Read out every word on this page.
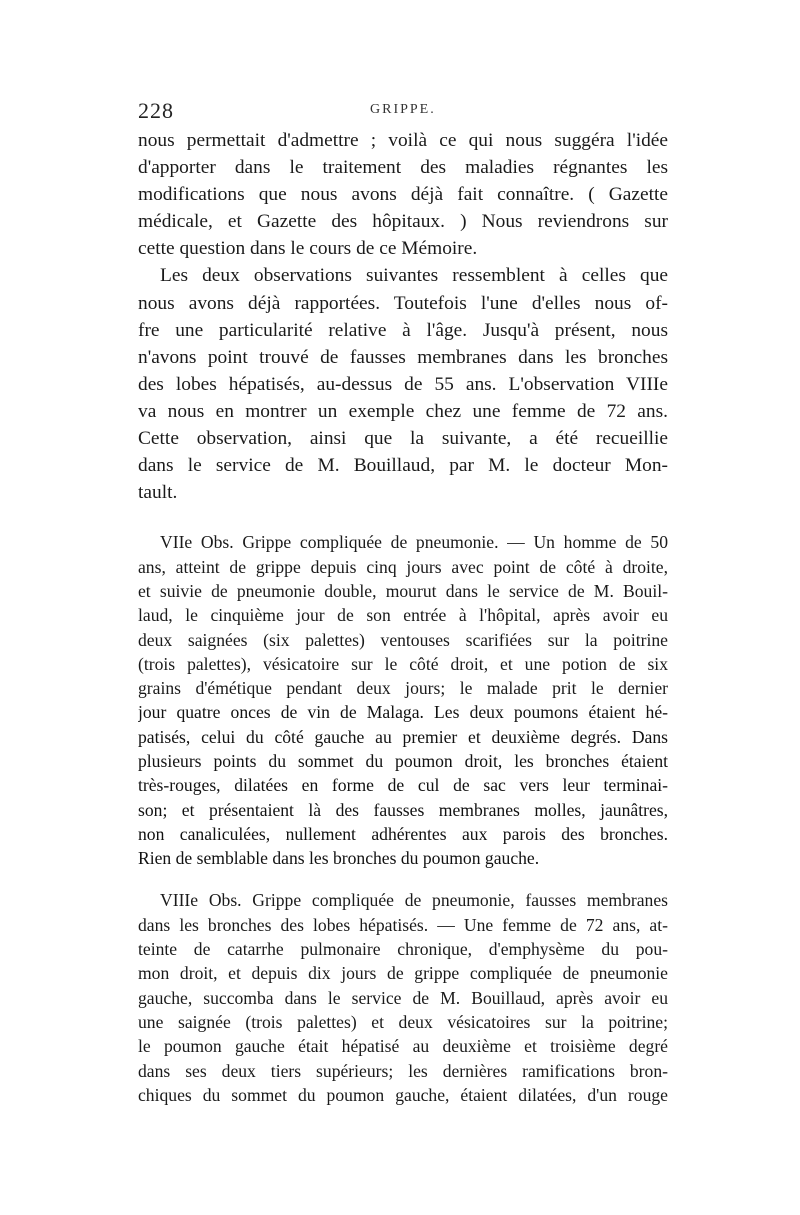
228	GRIPPE.
nous permettait d'admettre ; voilà ce qui nous suggéra l'idée
d'apporter dans le traitement des maladies régnantes les
modifications que nous avons déjà fait connaître. ( Gazette
médicale, et Gazette des hôpitaux. ) Nous reviendrons sur
cette question dans le cours de ce Mémoire.
Les deux observations suivantes ressemblent à celles que
nous avons déjà rapportées. Toutefois l'une d'elles nous of-
fre une particularité relative à l'âge. Jusqu'à présent, nous
n'avons point trouvé de fausses membranes dans les bronches
des lobes hépatisés, au-dessus de 55 ans. L'observation VIIIe
va nous en montrer un exemple chez une femme de 72 ans.
Cette observation, ainsi que la suivante, a été recueillie
dans le service de M. Bouillaud, par M. le docteur Mon-
tault.
VIIe Obs. Grippe compliquée de pneumonie. — Un homme de 50
ans, atteint de grippe depuis cinq jours avec point de côté à droite,
et suivie de pneumonie double, mourut dans le service de M. Bouil-
laud, le cinquième jour de son entrée à l'hôpital, après avoir eu
deux saignées (six palettes) ventouses scarifiées sur la poitrine
(trois palettes), vésicatoire sur le côté droit, et une potion de six
grains d'émétique pendant deux jours; le malade prit le dernier
jour quatre onces de vin de Malaga. Les deux poumons étaient hé-
patisés, celui du côté gauche au premier et deuxième degrés. Dans
plusieurs points du sommet du poumon droit, les bronches étaient
très-rouges, dilatées en forme de cul de sac vers leur terminai-
son; et présentaient là des fausses membranes molles, jaunâtres,
non canaliculées, nullement adhérentes aux parois des bronches.
Rien de semblable dans les bronches du poumon gauche.
VIIIe Obs. Grippe compliquée de pneumonie, fausses membranes
dans les bronches des lobes hépatisés. — Une femme de 72 ans, at-
teinte de catarrhe pulmonaire chronique, d'emphysème du pou-
mon droit, et depuis dix jours de grippe compliquée de pneumonie
gauche, succomba dans le service de M. Bouillaud, après avoir eu
une saignée (trois palettes) et deux vésicatoires sur la poitrine;
le poumon gauche était hépatisé au deuxième et troisième degré
dans ses deux tiers supérieurs; les dernières ramifications bron-
chiques du sommet du poumon gauche, étaient dilatées, d'un rouge
